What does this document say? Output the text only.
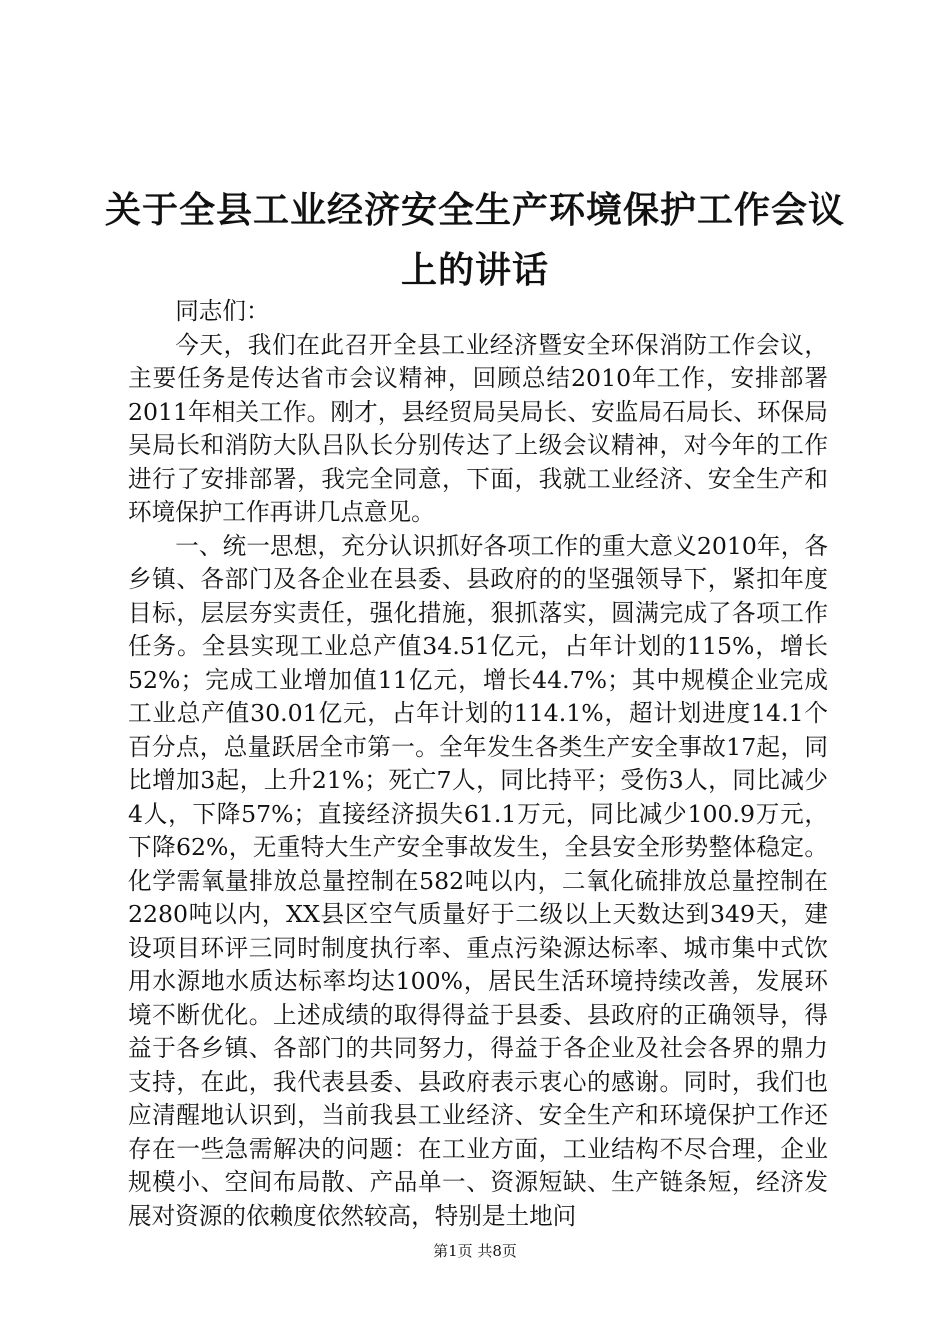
关于全县工业经济安全生产环境保护工作会议
上的讲话

同志们：

今天，我们在此召开全县工业经济暨安全环保消防工作会议，主要任务是传达省市会议精神，回顾总结2010年工作，安排部署2011年相关工作。刚才，县经贸局吴局长、安监局石局长、环保局吴局长和消防大队吕队长分别传达了上级会议精神，对今年的工作进行了安排部署，我完全同意，下面，我就工业经济、安全生产和环境保护工作再讲几点意见。

一、统一思想，充分认识抓好各项工作的重大意义2010年，各乡镇、各部门及各企业在县委、县政府的的坚强领导下，紧扣年度目标，层层夯实责任，强化措施，狠抓落实，圆满完成了各项工作任务。全县实现工业总产值34.51亿元，占年计划的115%，增长52%；完成工业增加值11亿元，增长44.7%；其中规模企业完成工业总产值30.01亿元，占年计划的114.1%，超计划进度14.1个百分点，总量跃居全市第一。全年发生各类生产安全事故17起，同比增加3起，上升21%；死亡7人，同比持平；受伤3人，同比减少4人，下降57%；直接经济损失61.1万元，同比减少100.9万元，下降62%，无重特大生产安全事故发生，全县安全形势整体稳定。化学需氧量排放总量控制在582吨以内，二氧化硫排放总量控制在2280吨以内，XX县区空气质量好于二级以上天数达到349天，建设项目环评三同时制度执行率、重点污染源达标率、城市集中式饮用水源地水质达标率均达100%，居民生活环境持续改善，发展环境不断优化。上述成绩的取得得益于县委、县政府的正确领导，得益于各乡镇、各部门的共同努力，得益于各企业及社会各界的鼎力支持，在此，我代表县委、县政府表示衷心的感谢。同时，我们也应清醒地认识到，当前我县工业经济、安全生产和环境保护工作还存在一些急需解决的问题：在工业方面，工业结构不尽合理，企业规模小、空间布局散、产品单一、资源短缺、生产链条短，经济发展对资源的依赖度依然较高，特别是土地问

第1页 共8页
